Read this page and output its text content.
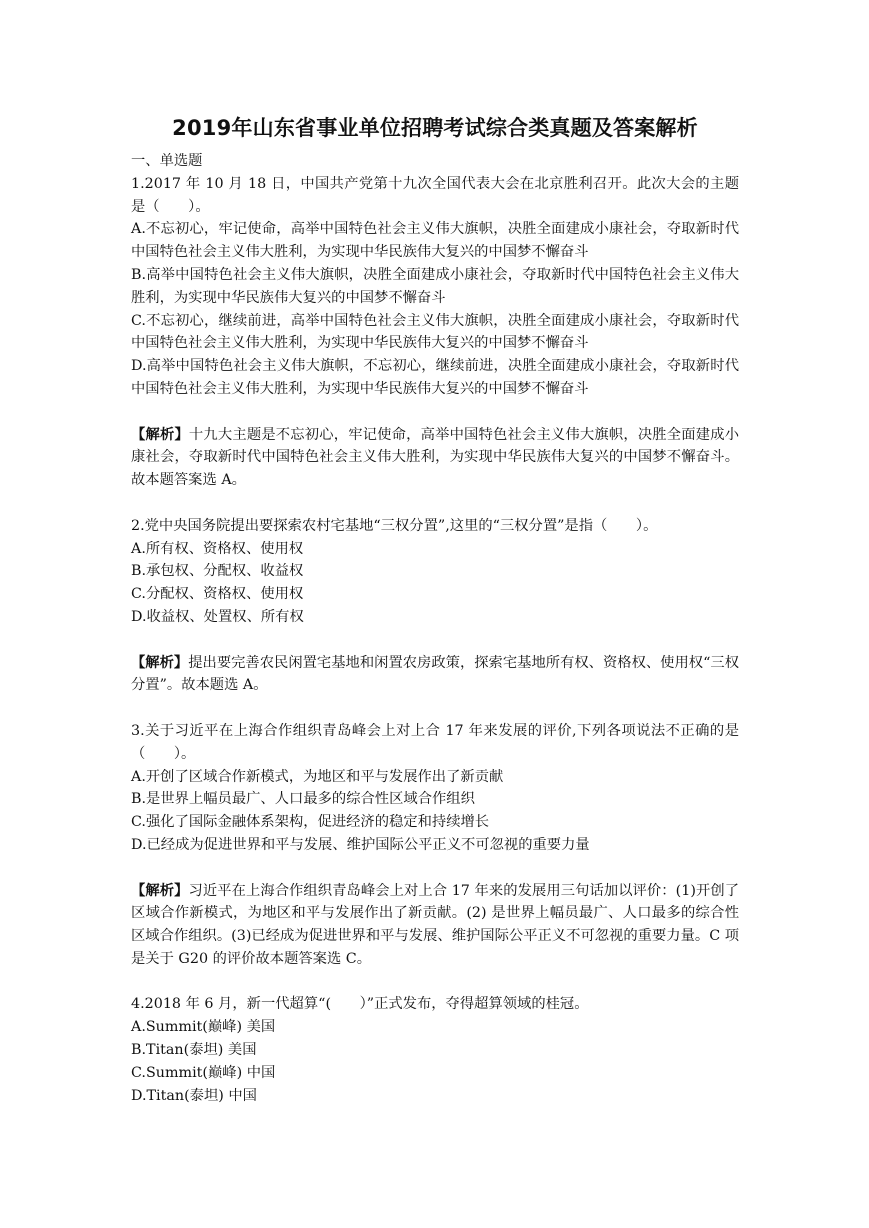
2019年山东省事业单位招聘考试综合类真题及答案解析
一、单选题
1.2017 年 10 月 18 日，中国共产党第十九次全国代表大会在北京胜利召开。此次大会的主题是（　　）。
A.不忘初心，牢记使命，高举中国特色社会主义伟大旗帜，决胜全面建成小康社会，夺取新时代中国特色社会主义伟大胜利，为实现中华民族伟大复兴的中国梦不懈奋斗
B.高举中国特色社会主义伟大旗帜，决胜全面建成小康社会，夺取新时代中国特色社会主义伟大胜利，为实现中华民族伟大复兴的中国梦不懈奋斗
C.不忘初心，继续前进，高举中国特色社会主义伟大旗帜，决胜全面建成小康社会，夺取新时代中国特色社会主义伟大胜利，为实现中华民族伟大复兴的中国梦不懈奋斗
D.高举中国特色社会主义伟大旗帜，不忘初心，继续前进，决胜全面建成小康社会，夺取新时代中国特色社会主义伟大胜利，为实现中华民族伟大复兴的中国梦不懈奋斗
【解析】十九大主题是不忘初心，牢记使命，高举中国特色社会主义伟大旗帜，决胜全面建成小康社会，夺取新时代中国特色社会主义伟大胜利，为实现中华民族伟大复兴的中国梦不懈奋斗。故本题答案选 A。
2.党中央国务院提出要探索农村宅基地“三权分置”,这里的“三权分置”是指（　　）。
A.所有权、资格权、使用权
B.承包权、分配权、收益权
C.分配权、资格权、使用权
D.收益权、处置权、所有权
【解析】提出要完善农民闲置宅基地和闲置农房政策，探索宅基地所有权、资格权、使用权“三权分置”。故本题选 A。
3.关于习近平在上海合作组织青岛峰会上对上合 17 年来发展的评价,下列各项说法不正确的是（　　）。
A.开创了区域合作新模式，为地区和平与发展作出了新贡献
B.是世界上幅员最广、人口最多的综合性区域合作组织
C.强化了国际金融体系架构，促进经济的稳定和持续增长
D.已经成为促进世界和平与发展、维护国际公平正义不可忽视的重要力量
【解析】习近平在上海合作组织青岛峰会上对上合 17 年来的发展用三句话加以评价：(1)开创了区域合作新模式，为地区和平与发展作出了新贡献。(2) 是世界上幅员最广、人口最多的综合性区域合作组织。(3)已经成为促进世界和平与发展、维护国际公平正义不可忽视的重要力量。C 项是关于 G20 的评价故本题答案选 C。
4.2018 年 6 月，新一代超算“(　　）”正式发布，夺得超算领域的桂冠。
A.Summit(巅峰) 美国
B.Titan(泰坦) 美国
C.Summit(巅峰) 中国
D.Titan(泰坦) 中国
